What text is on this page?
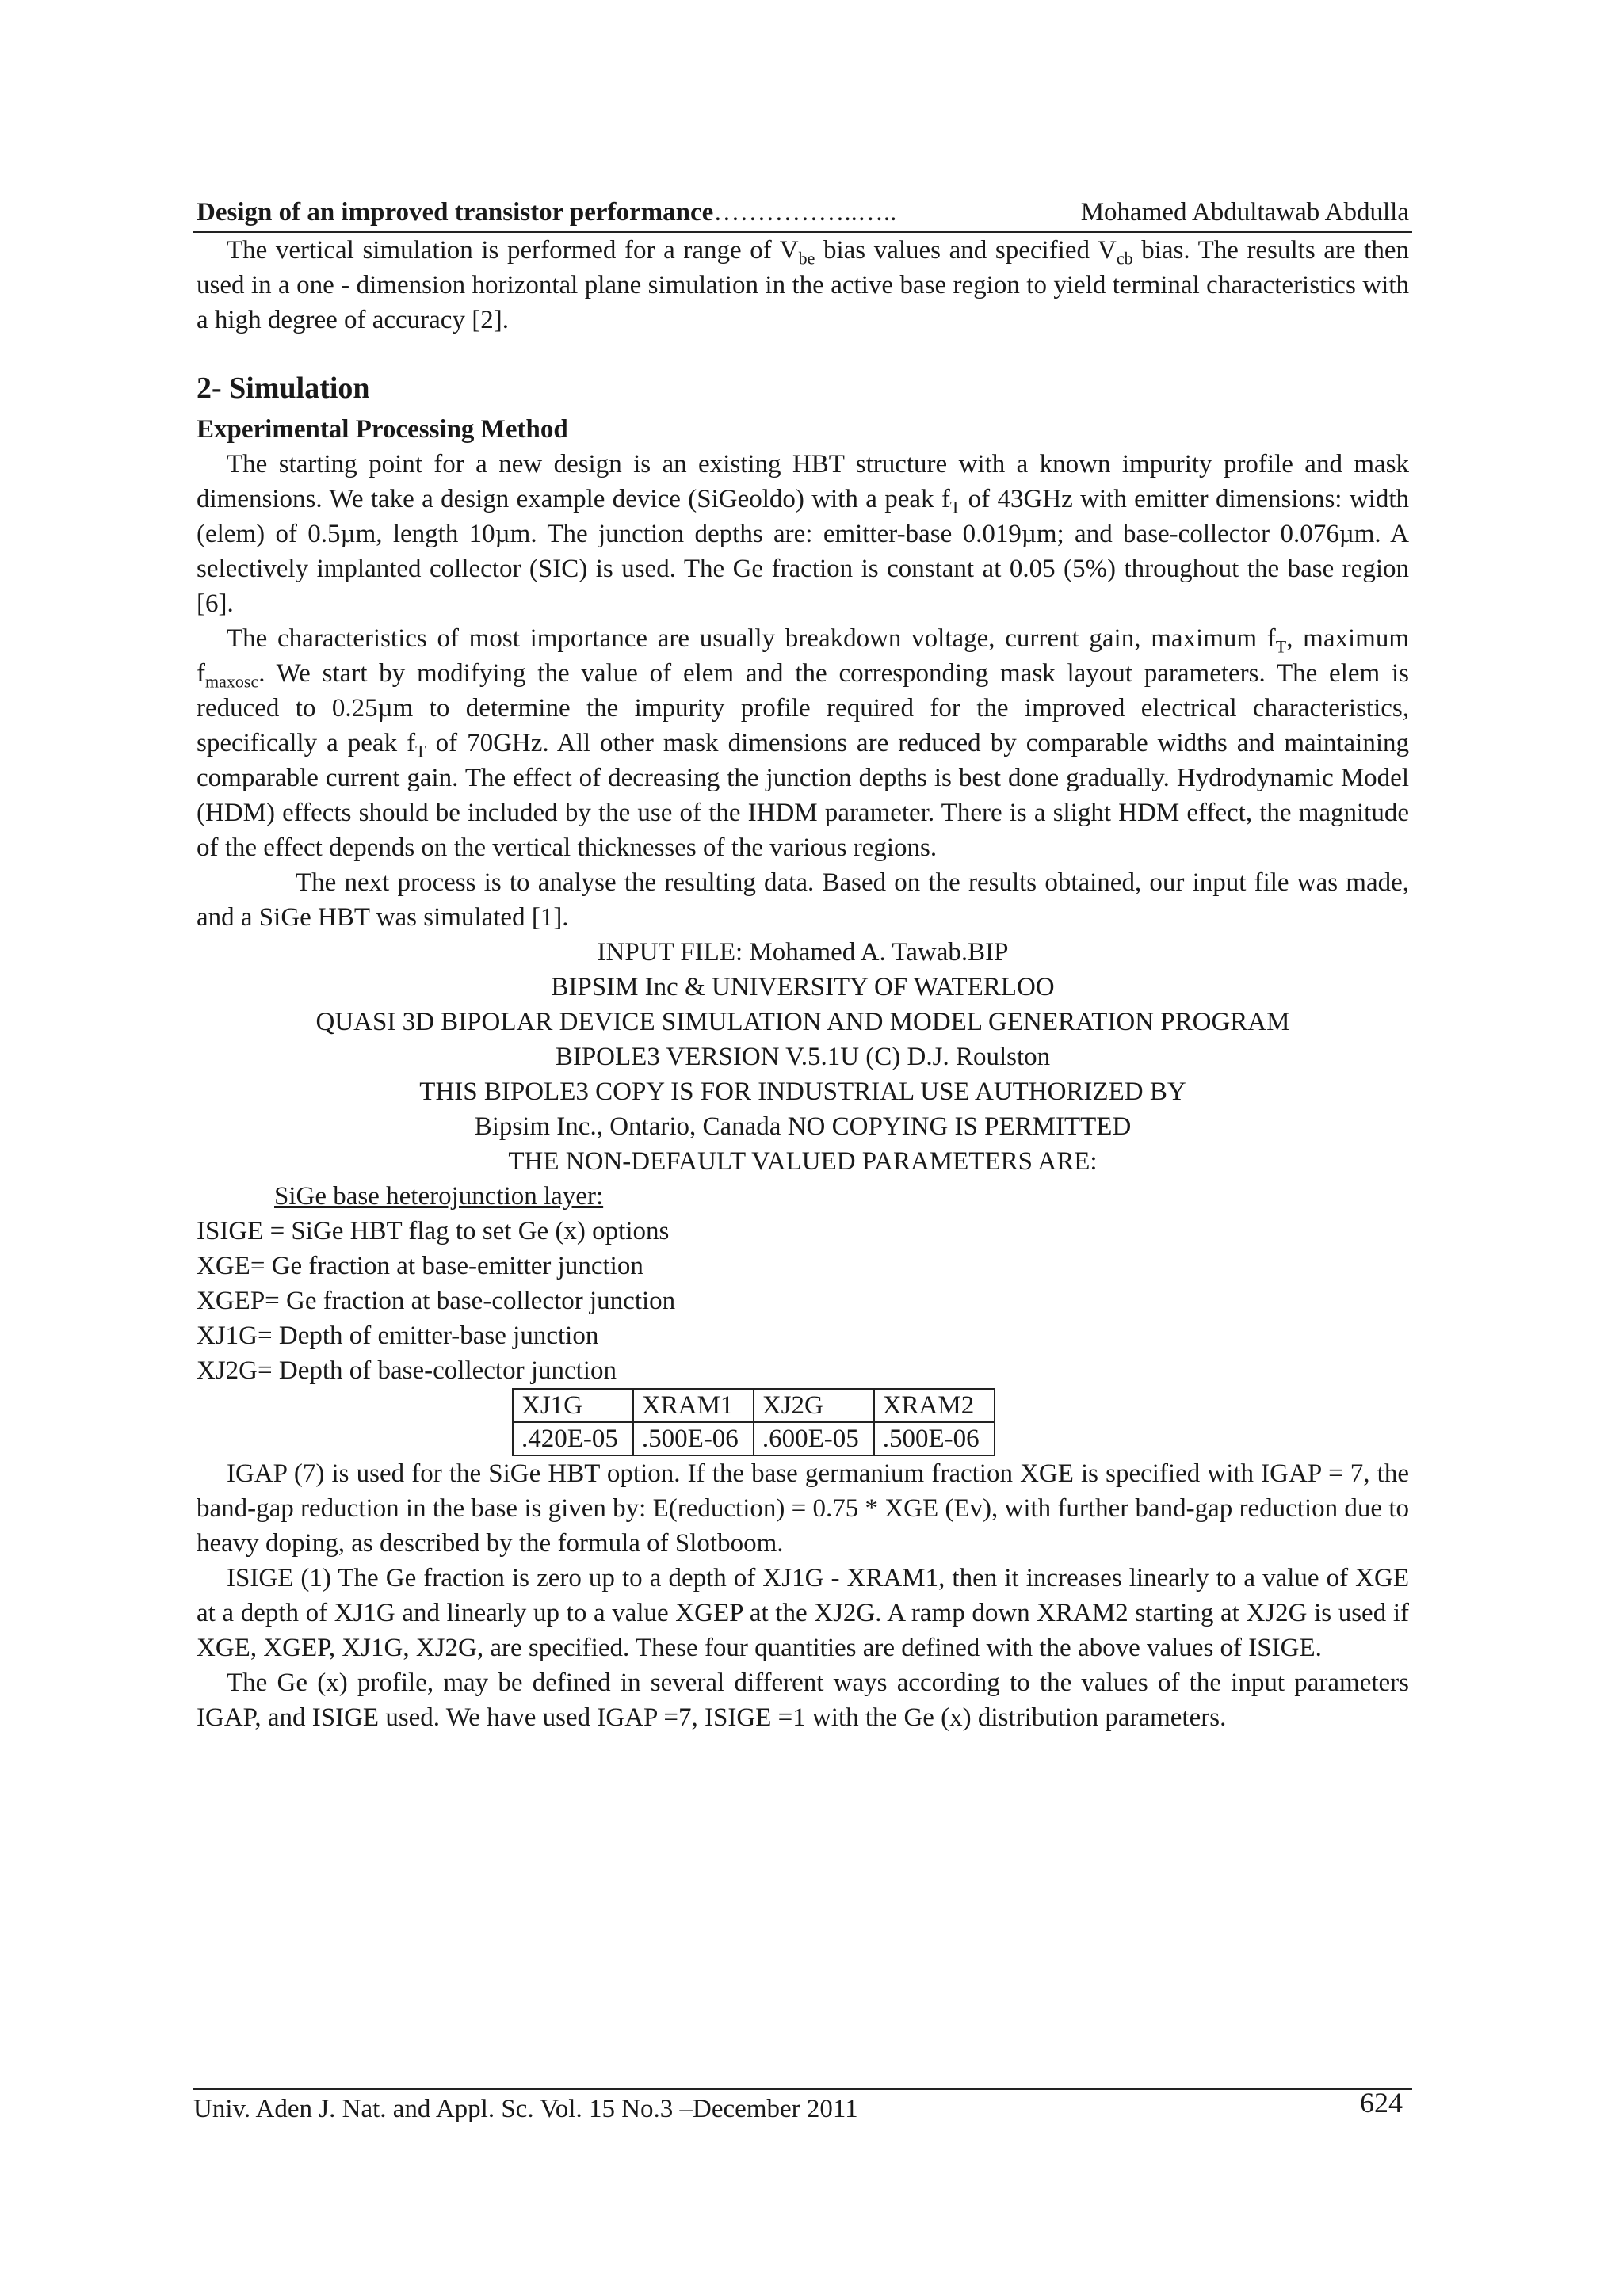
Design of an improved transistor performance ……………..…..	Mohamed Abdultawab Abdulla

The vertical simulation is performed for a range of $V_{be}$ bias values and specified $V_{cb}$ bias. The results are then used in a one - dimension horizontal plane simulation in the active base region to yield terminal characteristics with a high degree of accuracy [2].

2- Simulation
Experimental Processing Method

The starting point for a new design is an existing HBT structure with a known impurity profile and mask dimensions. We take a design example device (SiGeoldo) with a peak $f_T$ of 43GHz with emitter dimensions: width (elem) of 0.5µm, length 10µm. The junction depths are: emitter-base 0.019µm; and base-collector 0.076µm. A selectively implanted collector (SIC) is used. The Ge fraction is constant at 0.05 (5%) throughout the base region [6].

The characteristics of most importance are usually breakdown voltage, current gain, maximum $f_T$, maximum $f_{maxosc}$. We start by modifying the value of elem and the corresponding mask layout parameters. The elem is reduced to 0.25µm to determine the impurity profile required for the improved electrical characteristics, specifically a peak $f_T$ of 70GHz. All other mask dimensions are reduced by comparable widths and maintaining comparable current gain. The effect of decreasing the junction depths is best done gradually. Hydrodynamic Model (HDM) effects should be included by the use of the IHDM parameter. There is a slight HDM effect, the magnitude of the effect depends on the vertical thicknesses of the various regions.

The next process is to analyse the resulting data. Based on the results obtained, our input file was made, and a SiGe HBT was simulated [1].

INPUT FILE: Mohamed A. Tawab.BIP
BIPSIM Inc & UNIVERSITY OF WATERLOO
QUASI 3D BIPOLAR DEVICE SIMULATION AND MODEL GENERATION PROGRAM
BIPOLE3 VERSION V.5.1U (C) D.J. Roulston
THIS BIPOLE3 COPY IS FOR INDUSTRIAL USE AUTHORIZED BY
Bipsim Inc., Ontario, Canada NO COPYING IS PERMITTED
THE NON-DEFAULT VALUED PARAMETERS ARE:
SiGe base heterojunction layer:
ISIGE = SiGe HBT flag to set Ge (x) options
XGE= Ge fraction at base-emitter junction
XGEP= Ge fraction at base-collector junction
XJ1G= Depth of emitter-base junction
XJ2G= Depth of base-collector junction
XJ1G	XRAM1	XJ2G	XRAM2
.420E-05	.500E-06	.600E-05	.500E-06

IGAP (7) is used for the SiGe HBT option. If the base germanium fraction XGE is specified with IGAP = 7, the band-gap reduction in the base is given by: E(reduction) = 0.75 * XGE (Ev), with further band-gap reduction due to heavy doping, as described by the formula of Slotboom.

ISIGE (1) The Ge fraction is zero up to a depth of XJ1G - XRAM1, then it increases linearly to a value of XGE at a depth of XJ1G and linearly up to a value XGEP at the XJ2G. A ramp down XRAM2 starting at XJ2G is used if XGE, XGEP, XJ1G, XJ2G, are specified. These four quantities are defined with the above values of ISIGE.

The Ge (x) profile, may be defined in several different ways according to the values of the input parameters IGAP, and ISIGE used. We have used IGAP =7, ISIGE =1 with the Ge (x) distribution parameters.

Univ. Aden J. Nat. and Appl. Sc. Vol. 15 No.3 –December 2011	624
